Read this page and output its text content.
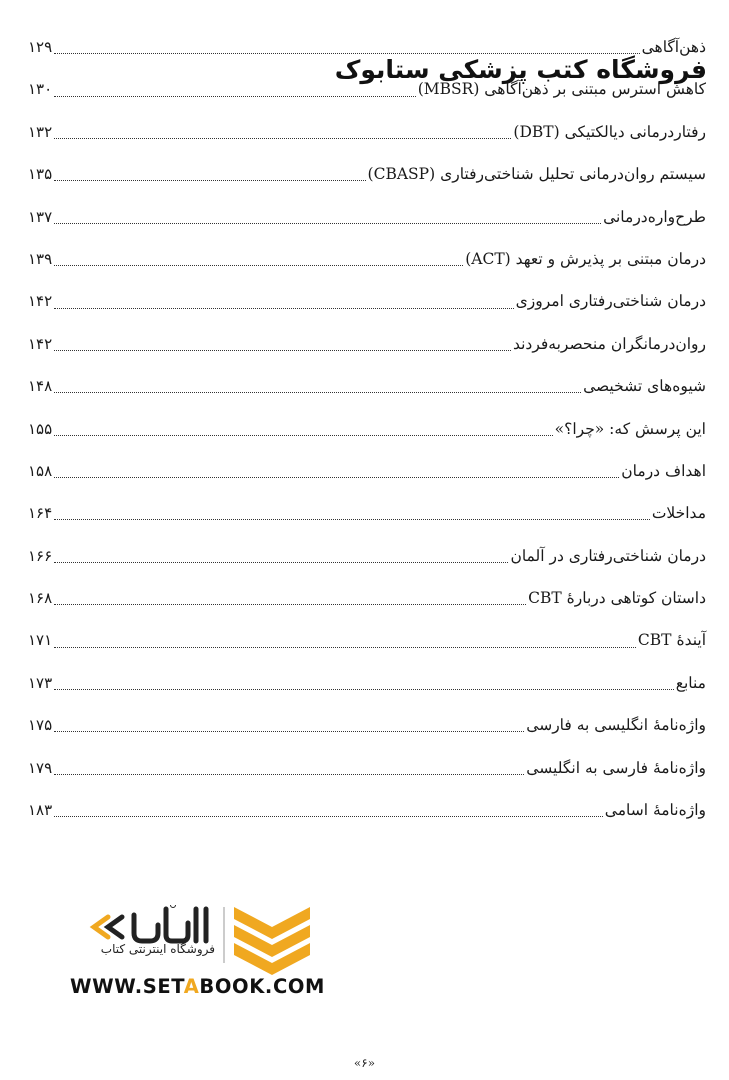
ذهن‌آگاهی
۱۲۹
کاهش استرس مبتنی بر ذهن‌آگاهی (MBSR)
۱۳۰
رفتاردرمانی دیالکتیکی (DBT)
۱۳۲
سیستم روان‌درمانی تحلیل شناختی‌رفتاری (CBASP)
۱۳۵
طرح‌واره‌درمانی
۱۳۷
درمان مبتنی بر پذیرش و تعهد (ACT)
۱۳۹
درمان شناختی‌رفتاری امروزی
۱۴۲
روان‌درمانگران منحصربه‌فردند
۱۴۲
شیوه‌های تشخیصی
۱۴۸
این پرسش که: «چرا؟»
۱۵۵
اهداف درمان
۱۵۸
مداخلات
۱۶۴
درمان شناختی‌رفتاری در آلمان
۱۶۶
داستان کوتاهی دربارهٔ CBT
۱۶۸
آیندهٔ CBT
۱۷۱
منابع
۱۷۳
واژه‌نامهٔ انگلیسی به فارسی
۱۷۵
واژه‌نامهٔ فارسی به انگلیسی
۱۷۹
واژه‌نامهٔ اسامی
۱۸۳
فروشگاه کتب پزشکی ستابوک
فروشگاه اینترنتی کتاب
WWW.SETABOOK.COM
«۶»
